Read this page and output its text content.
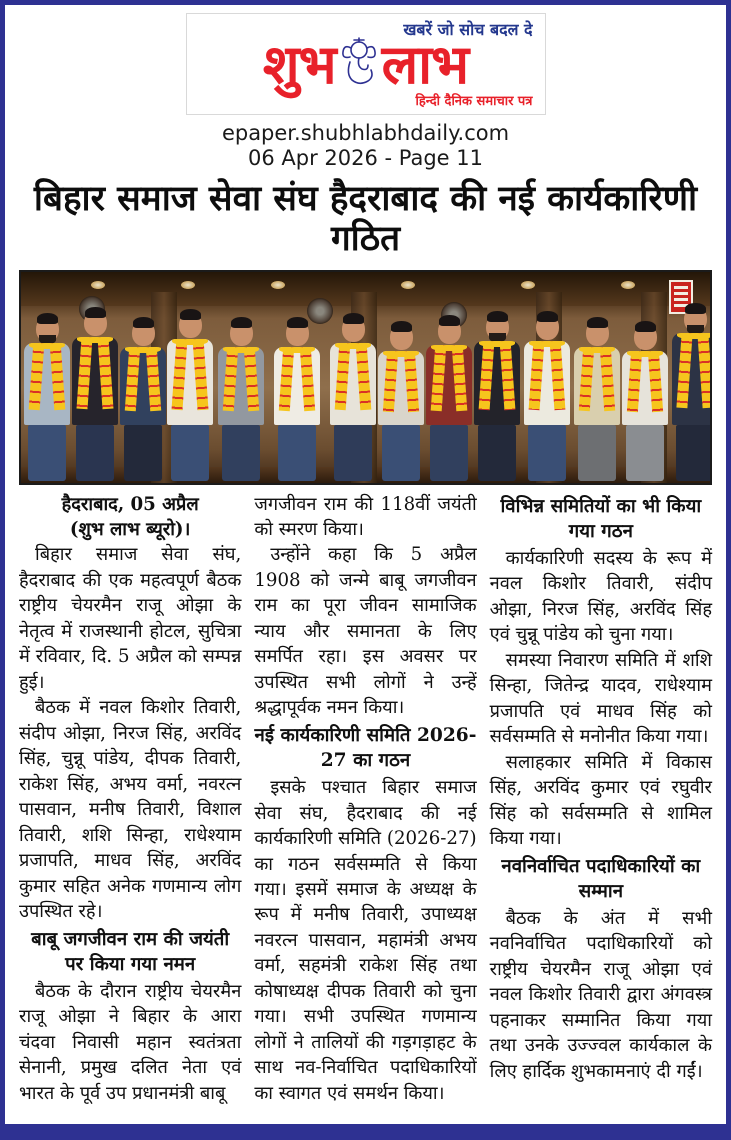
खबरें जो सोच बदल दे
शुभ लाभ
हिन्दी दैनिक समाचार पत्र
epaper.shubhlabhdaily.com
06 Apr 2026 - Page 11
बिहार समाज सेवा संघ हैदराबाद की नई कार्यकारिणी गठित
हैदराबाद, 05 अप्रैल
(शुभ लाभ ब्यूरो)।

बिहार समाज सेवा संघ, हैदराबाद की एक महत्वपूर्ण बैठक राष्ट्रीय चेयरमैन राजू ओझा के नेतृत्व में राजस्थानी होटल, सुचित्रा में रविवार, दि. 5 अप्रैल को सम्पन्न हुई।

बैठक में नवल किशोर तिवारी, संदीप ओझा, निरज सिंह, अरविंद सिंह, चुन्नू पांडेय, दीपक तिवारी, राकेश सिंह, अभय वर्मा, नवरत्न पासवान, मनीष तिवारी, विशाल तिवारी, शशि सिन्हा, राधेश्याम प्रजापति, माधव सिंह, अरविंद कुमार सहित अनेक गणमान्य लोग उपस्थित रहे।

बाबू जगजीवन राम की जयंती पर किया गया नमन

बैठक के दौरान राष्ट्रीय चेयरमैन राजू ओझा ने बिहार के आरा चंदवा निवासी महान स्वतंत्रता सेनानी, प्रमुख दलित नेता एवं भारत के पूर्व उप प्रधानमंत्री बाबू

जगजीवन राम की 118वीं जयंती को स्मरण किया।

उन्होंने कहा कि 5 अप्रैल 1908 को जन्मे बाबू जगजीवन राम का पूरा जीवन सामाजिक न्याय और समानता के लिए समर्पित रहा। इस अवसर पर उपस्थित सभी लोगों ने उन्हें श्रद्धापूर्वक नमन किया।

नई कार्यकारिणी समिति 2026-27 का गठन

इसके पश्चात बिहार समाज सेवा संघ, हैदराबाद की नई कार्यकारिणी समिति (2026-27) का गठन सर्वसम्मति से किया गया। इसमें समाज के अध्यक्ष के रूप में मनीष तिवारी, उपाध्यक्ष नवरत्न पासवान, महामंत्री अभय वर्मा, सहमंत्री राकेश सिंह तथा कोषाध्यक्ष दीपक तिवारी को चुना गया। सभी उपस्थित गणमान्य लोगों ने तालियों की गड़गड़ाहट के साथ नव-निर्वाचित पदाधिकारियों का स्वागत एवं समर्थन किया।

विभिन्न समितियों का भी किया गया गठन

कार्यकारिणी सदस्य के रूप में नवल किशोर तिवारी, संदीप ओझा, निरज सिंह, अरविंद सिंह एवं चुन्नू पांडेय को चुना गया।

समस्या निवारण समिति में शशि सिन्हा, जितेन्द्र यादव, राधेश्याम प्रजापति एवं माधव सिंह को सर्वसम्मति से मनोनीत किया गया।

सलाहकार समिति में विकास सिंह, अरविंद कुमार एवं रघुवीर सिंह को सर्वसम्मति से शामिल किया गया।

नवनिर्वाचित पदाधिकारियों का सम्मान

बैठक के अंत में सभी नवनिर्वाचित पदाधिकारियों को राष्ट्रीय चेयरमैन राजू ओझा एवं नवल किशोर तिवारी द्वारा अंगवस्त्र पहनाकर सम्मानित किया गया तथा उनके उज्ज्वल कार्यकाल के लिए हार्दिक शुभकामनाएं दी गईं।
